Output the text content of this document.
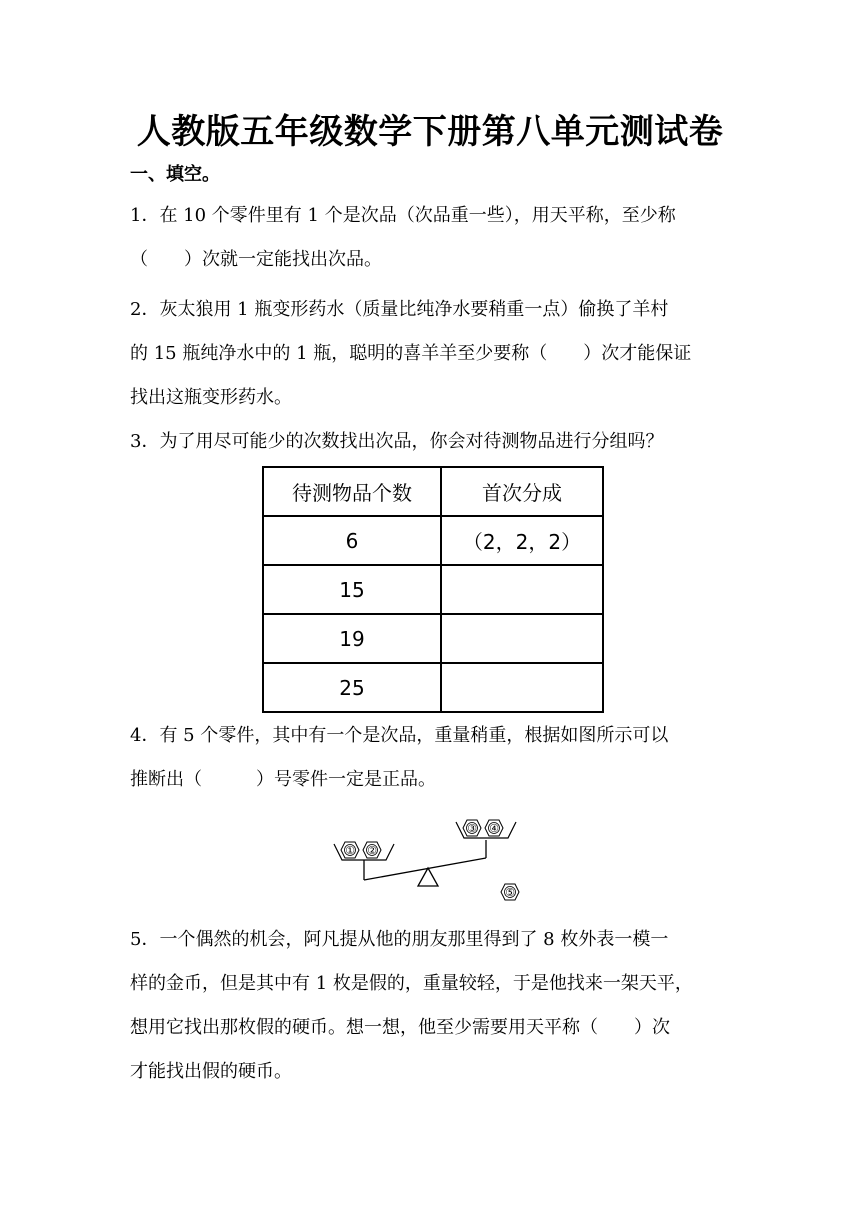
人教版五年级数学下册第八单元测试卷
一、填空。

1．在 10 个零件里有 1 个是次品（次品重一些），用天平称，至少称

（　　）次就一定能找出次品。

2．灰太狼用 1 瓶变形药水（质量比纯净水要稍重一点）偷换了羊村

的 15 瓶纯净水中的 1 瓶，聪明的喜羊羊至少要称（　　）次才能保证

找出这瓶变形药水。

3．为了用尽可能少的次数找出次品，你会对待测物品进行分组吗？

待测物品个数	首次分成
6	（2，2，2）
15	
19	
25	

4．有 5 个零件，其中有一个是次品，重量稍重，根据如图所示可以

推断出（　　　）号零件一定是正品。

① ②
③ ④
⑤

5．一个偶然的机会，阿凡提从他的朋友那里得到了 8 枚外表一模一

样的金币，但是其中有 1 枚是假的，重量较轻，于是他找来一架天平，

想用它找出那枚假的硬币。想一想，他至少需要用天平称（　　）次

才能找出假的硬币。
